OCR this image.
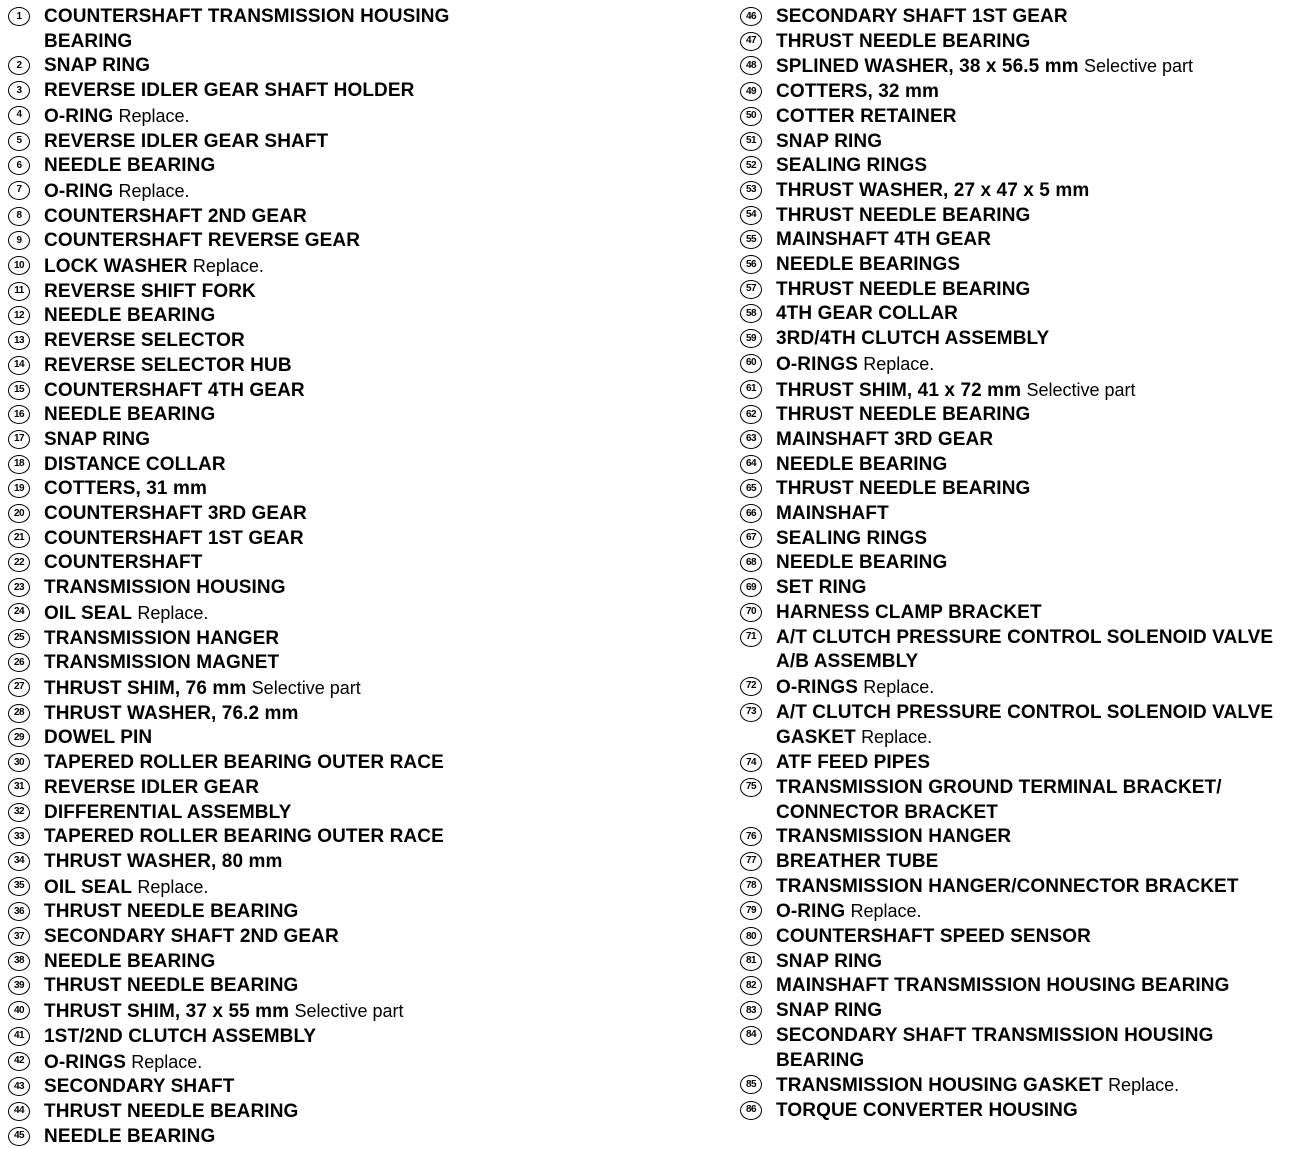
1	COUNTERSHAFT TRANSMISSION HOUSING
BEARING
2	SNAP RING
3	REVERSE IDLER GEAR SHAFT HOLDER
4	O-RING Replace.
5	REVERSE IDLER GEAR SHAFT
6	NEEDLE BEARING
7	O-RING Replace.
8	COUNTERSHAFT 2ND GEAR
9	COUNTERSHAFT REVERSE GEAR
10	LOCK WASHER Replace.
11	REVERSE SHIFT FORK
12	NEEDLE BEARING
13	REVERSE SELECTOR
14	REVERSE SELECTOR HUB
15	COUNTERSHAFT 4TH GEAR
16	NEEDLE BEARING
17	SNAP RING
18	DISTANCE COLLAR
19	COTTERS, 31 mm
20	COUNTERSHAFT 3RD GEAR
21	COUNTERSHAFT 1ST GEAR
22	COUNTERSHAFT
23	TRANSMISSION HOUSING
24	OIL SEAL Replace.
25	TRANSMISSION HANGER
26	TRANSMISSION MAGNET
27	THRUST SHIM, 76 mm Selective part
28	THRUST WASHER, 76.2 mm
29	DOWEL PIN
30	TAPERED ROLLER BEARING OUTER RACE
31	REVERSE IDLER GEAR
32	DIFFERENTIAL ASSEMBLY
33	TAPERED ROLLER BEARING OUTER RACE
34	THRUST WASHER, 80 mm
35	OIL SEAL Replace.
36	THRUST NEEDLE BEARING
37	SECONDARY SHAFT 2ND GEAR
38	NEEDLE BEARING
39	THRUST NEEDLE BEARING
40	THRUST SHIM, 37 x 55 mm Selective part
41	1ST/2ND CLUTCH ASSEMBLY
42	O-RINGS Replace.
43	SECONDARY SHAFT
44	THRUST NEEDLE BEARING
45	NEEDLE BEARING
46	SECONDARY SHAFT 1ST GEAR
47	THRUST NEEDLE BEARING
48	SPLINED WASHER, 38 x 56.5 mm Selective part
49	COTTERS, 32 mm
50	COTTER RETAINER
51	SNAP RING
52	SEALING RINGS
53	THRUST WASHER, 27 x 47 x 5 mm
54	THRUST NEEDLE BEARING
55	MAINSHAFT 4TH GEAR
56	NEEDLE BEARINGS
57	THRUST NEEDLE BEARING
58	4TH GEAR COLLAR
59	3RD/4TH CLUTCH ASSEMBLY
60	O-RINGS Replace.
61	THRUST SHIM, 41 x 72 mm Selective part
62	THRUST NEEDLE BEARING
63	MAINSHAFT 3RD GEAR
64	NEEDLE BEARING
65	THRUST NEEDLE BEARING
66	MAINSHAFT
67	SEALING RINGS
68	NEEDLE BEARING
69	SET RING
70	HARNESS CLAMP BRACKET
71	A/T CLUTCH PRESSURE CONTROL SOLENOID VALVE
A/B ASSEMBLY
72	O-RINGS Replace.
73	A/T CLUTCH PRESSURE CONTROL SOLENOID VALVE
GASKET Replace.
74	ATF FEED PIPES
75	TRANSMISSION GROUND TERMINAL BRACKET/
CONNECTOR BRACKET
76	TRANSMISSION HANGER
77	BREATHER TUBE
78	TRANSMISSION HANGER/CONNECTOR BRACKET
79	O-RING Replace.
80	COUNTERSHAFT SPEED SENSOR
81	SNAP RING
82	MAINSHAFT TRANSMISSION HOUSING BEARING
83	SNAP RING
84	SECONDARY SHAFT TRANSMISSION HOUSING
BEARING
85	TRANSMISSION HOUSING GASKET Replace.
86	TORQUE CONVERTER HOUSING
